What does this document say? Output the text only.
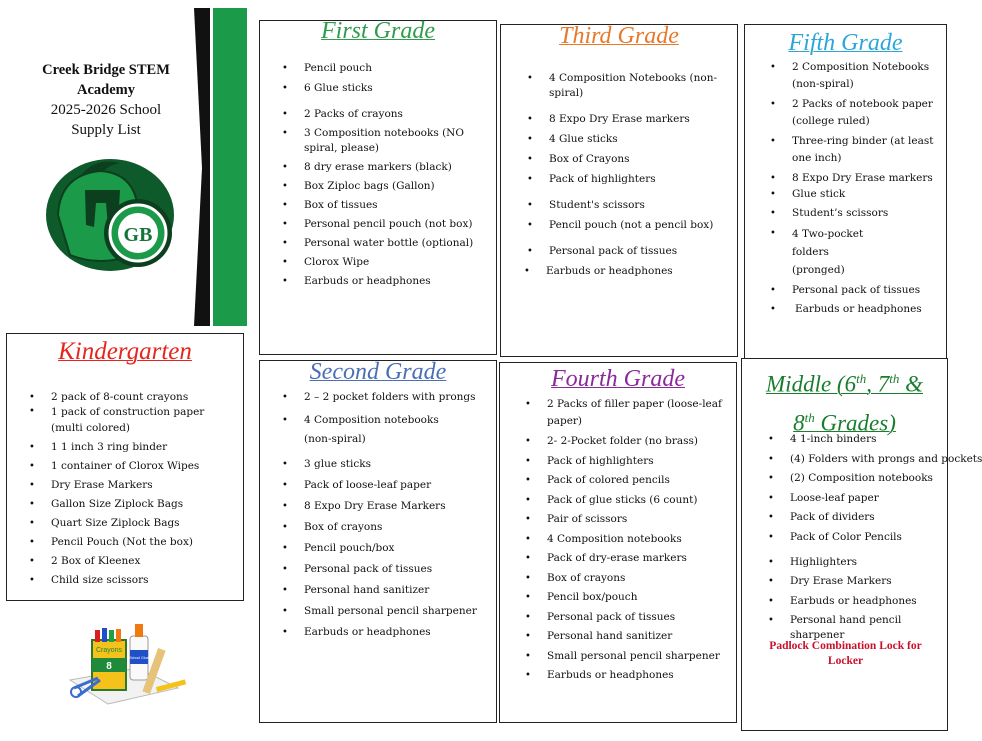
Creek Bridge STEM
Academy
2025-2026 School
Supply List
GB
First Grade
• Pencil pouch
• 6 Glue sticks
• 2 Packs of crayons
• 3 Composition notebooks (NO spiral, please)
• 8 dry erase markers (black)
• Box Ziploc bags (Gallon)
• Box of tissues
• Personal pencil pouch (not box)
• Personal water bottle (optional)
• Clorox Wipe
• Earbuds or headphones
Third Grade
• 4 Composition Notebooks (non-spiral)
• 8 Expo Dry Erase markers
• 4 Glue sticks
• Box of Crayons
• Pack of highlighters
• Student's scissors
• Pencil pouch (not a pencil box)
• Personal pack of tissues
• Earbuds or headphones
Fifth Grade
• 2 Composition Notebooks (non-spiral)
• 2 Packs of notebook paper (college ruled)
• Three-ring binder (at least one inch)
• 8 Expo Dry Erase markers
• Glue stick
• Student’s scissors
• 4 Two-pocket folders (pronged)
• Personal pack of tissues
• Earbuds or headphones
Kindergarten
• 2 pack of 8-count crayons
• 1 pack of construction paper (multi colored)
• 1 1 inch 3 ring binder
• 1 container of Clorox Wipes
• Dry Erase Markers
• Gallon Size Ziplock Bags
• Quart Size Ziplock Bags
• Pencil Pouch (Not the box)
• 2 Box of Kleenex
• Child size scissors
Crayons
8
School Glue
Second Grade
• 2 – 2 pocket folders with prongs
• 4 Composition notebooks (non-spiral)
• 3 glue sticks
• Pack of loose-leaf paper
• 8 Expo Dry Erase Markers
• Box of crayons
• Pencil pouch/box
• Personal pack of tissues
• Personal hand sanitizer
• Small personal pencil sharpener
• Earbuds or headphones
Fourth Grade
• 2 Packs of filler paper (loose-leaf paper)
• 2- 2-Pocket folder (no brass)
• Pack of highlighters
• Pack of colored pencils
• Pack of glue sticks (6 count)
• Pair of scissors
• 4 Composition notebooks
• Pack of dry-erase markers
• Box of crayons
• Pencil box/pouch
• Personal pack of tissues
• Personal hand sanitizer
• Small personal pencil sharpener
• Earbuds or headphones
Middle (6th, 7th &
8th Grades)
• 4 1-inch binders
• (4) Folders with prongs and pockets
• (2) Composition notebooks
• Loose-leaf paper
• Pack of dividers
• Pack of Color Pencils
• Highlighters
• Dry Erase Markers
• Earbuds or headphones
• Personal hand pencil sharpener
Padlock Combination Lock for
Locker
